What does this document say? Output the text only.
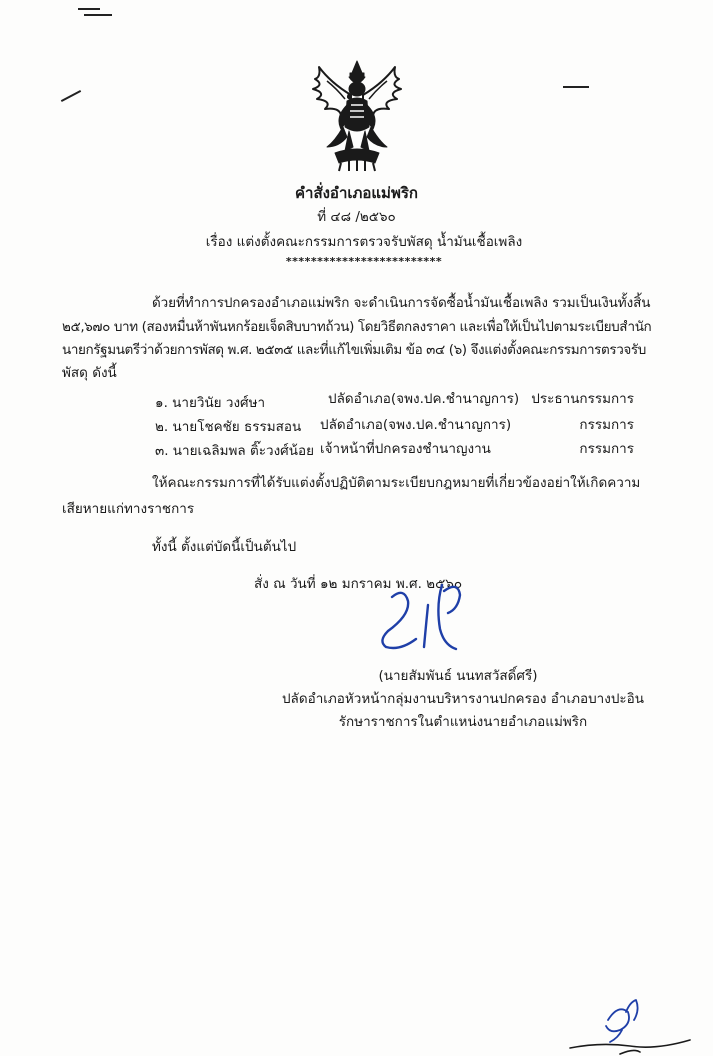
คำสั่งอำเภอแม่พริก
ที่ ๔๘ /๒๕๖๐
เรื่อง แต่งตั้งคณะกรรมการตรวจรับพัสดุ น้ำมันเชื้อเพลิง
*************************
ด้วยที่ทำการปกครองอำเภอแม่พริก จะดำเนินการจัดซื้อน้ำมันเชื้อเพลิง รวมเป็นเงินทั้งสิ้น
๒๕,๖๗๐ บาท (สองหมื่นห้าพันหกร้อยเจ็ดสิบบาทถ้วน) โดยวิธีตกลงราคา และเพื่อให้เป็นไปตามระเบียบสำนัก
นายกรัฐมนตรีว่าด้วยการพัสดุ พ.ศ. ๒๕๓๕ และที่แก้ไขเพิ่มเติม ข้อ ๓๔ (๖) จึงแต่งตั้งคณะกรรมการตรวจรับ
พัสดุ ดังนี้
๑. นายวินัย วงศ์ษา	ปลัดอำเภอ(จพง.ปค.ชำนาญการ) ประธานกรรมการ
๒. นายโชคชัย ธรรมสอน ปลัดอำเภอ(จพง.ปค.ชำนาญการ)	กรรมการ
๓. นายเฉลิมพล ติ๊ะวงศ์น้อย เจ้าหน้าที่ปกครองชำนาญงาน	กรรมการ
ให้คณะกรรมการที่ได้รับแต่งตั้งปฏิบัติตามระเบียบกฎหมายที่เกี่ยวข้องอย่าให้เกิดความ
เสียหายแก่ทางราชการ
ทั้งนี้ ตั้งแต่บัดนี้เป็นต้นไป
สั่ง ณ วันที่ ๑๒ มกราคม พ.ศ. ๒๕๖๐
(นายสัมพันธ์ นนทสวัสดิ์ศรี)
ปลัดอำเภอหัวหน้ากลุ่มงานบริหารงานปกครอง อำเภอบางปะอิน
รักษาราชการในตำแหน่งนายอำเภอแม่พริก
